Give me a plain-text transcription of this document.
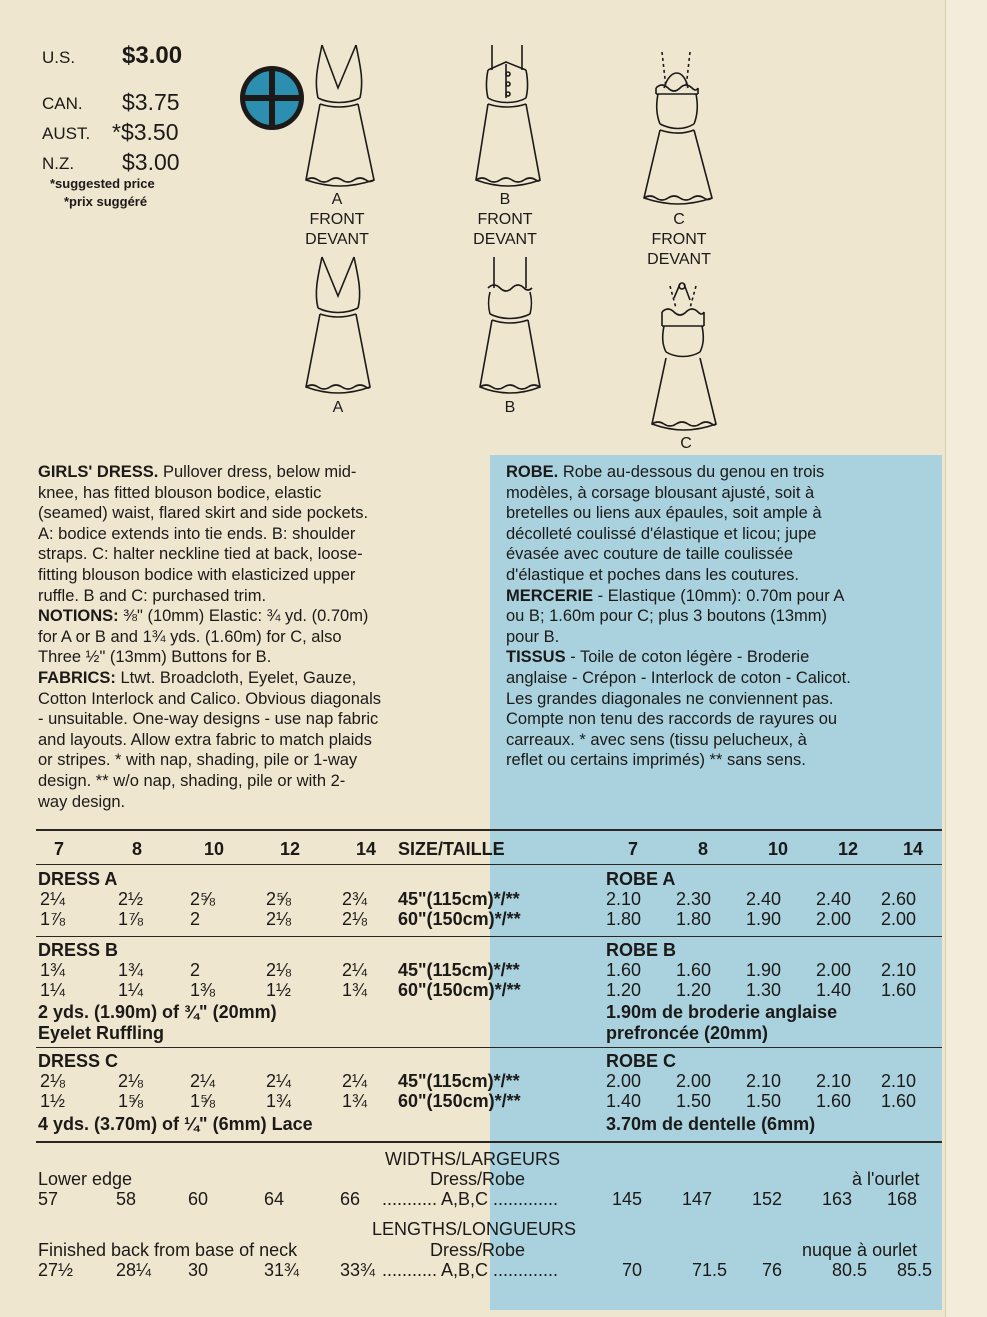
U.S. $3.00
CAN. $3.75
AUST. *$3.50
N.Z. $3.00
*suggested price
*prix suggéré	A
FRONT
DEVANT
B
FRONT
DEVANT
C
FRONT
DEVANT
A	B
C
GIRLS' DRESS. Pullover dress, below mid-
knee, has fitted blouson bodice, elastic
(seamed) waist, flared skirt and side pockets.
A: bodice extends into tie ends. B: shoulder
straps. C: halter neckline tied at back, loose-
fitting blouson bodice with elasticized upper
ruffle. B and C: purchased trim.
NOTIONS: ⅜" (10mm) Elastic: ¾ yd. (0.70m)
for A or B and 1¾ yds. (1.60m) for C, also
Three ½" (13mm) Buttons for B.
FABRICS: Ltwt. Broadcloth, Eyelet, Gauze,
Cotton Interlock and Calico. Obvious diagonals
- unsuitable. One-way designs - use nap fabric
and layouts. Allow extra fabric to match plaids
or stripes. * with nap, shading, pile or 1-way
design. ** w/o nap, shading, pile or with 2-
way design.
ROBE. Robe au-dessous du genou en trois
modèles, à corsage blousant ajusté, soit à
bretelles ou liens aux épaules, soit ample à
décolleté coulissé d'élastique et licou; jupe
évasée avec couture de taille coulissée
d'élastique et poches dans les coutures.
MERCERIE - Elastique (10mm): 0.70m pour A
ou B; 1.60m pour C; plus 3 boutons (13mm)
pour B.
TISSUS - Toile de coton légère - Broderie
anglaise - Crépon - Interlock de coton - Calicot.
Les grandes diagonales ne conviennent pas.
Compte non tenu des raccords de rayures ou
carreaux. * avec sens (tissu pelucheux, à
reflet ou certains imprimés) ** sans sens.
7	8	10	12	14 SIZE/TAILLE	7	8	10	12 14
DRESS A	ROBE A
2¼	2½	2⅝	2⅝	2¾ 45"(115cm)*/**	2.10 2.30 2.40 2.40 2.60
1⅞	1⅞	2	2⅛	2⅛ 60"(150cm)*/**	1.80 1.80 1.90 2.00 2.00
DRESS B	ROBE B
1¾	1¾	2	2⅛	2¼ 45"(115cm)*/**	1.60 1.60 1.90 2.00 2.10
1¼	1¼	1⅜	1½	1¾ 60"(150cm)*/**	1.20 1.20 1.30 1.40 1.60
2 yds. (1.90m) of ¾" (20mm)
Eyelet Ruffling
1.90m de broderie anglaise
prefroncée (20mm)
DRESS C	ROBE C
2⅛	2⅛	2¼	2¼	2¼ 45"(115cm)*/**	2.00 2.00 2.10 2.10 2.10
1½	1⅝	1⅝	1¾	1¾ 60"(150cm)*/**	1.40 1.50 1.50 1.60 1.60
4 yds. (3.70m) of ¼" (6mm) Lace	3.70m de dentelle (6mm)
WIDTHS/LARGEURS
Lower edge	Dress/Robe	à l'ourlet
57	58	60	64	66 ........... A,B,C .............	145 147 152 163 168
LENGTHS/LONGUEURS
Finished back from base of neck	Dress/Robe	nuque à ourlet
27½ 28¼ 30	31¾ 33¾ ........... A,B,C .............	70	71.5 76	80.5 85.5
